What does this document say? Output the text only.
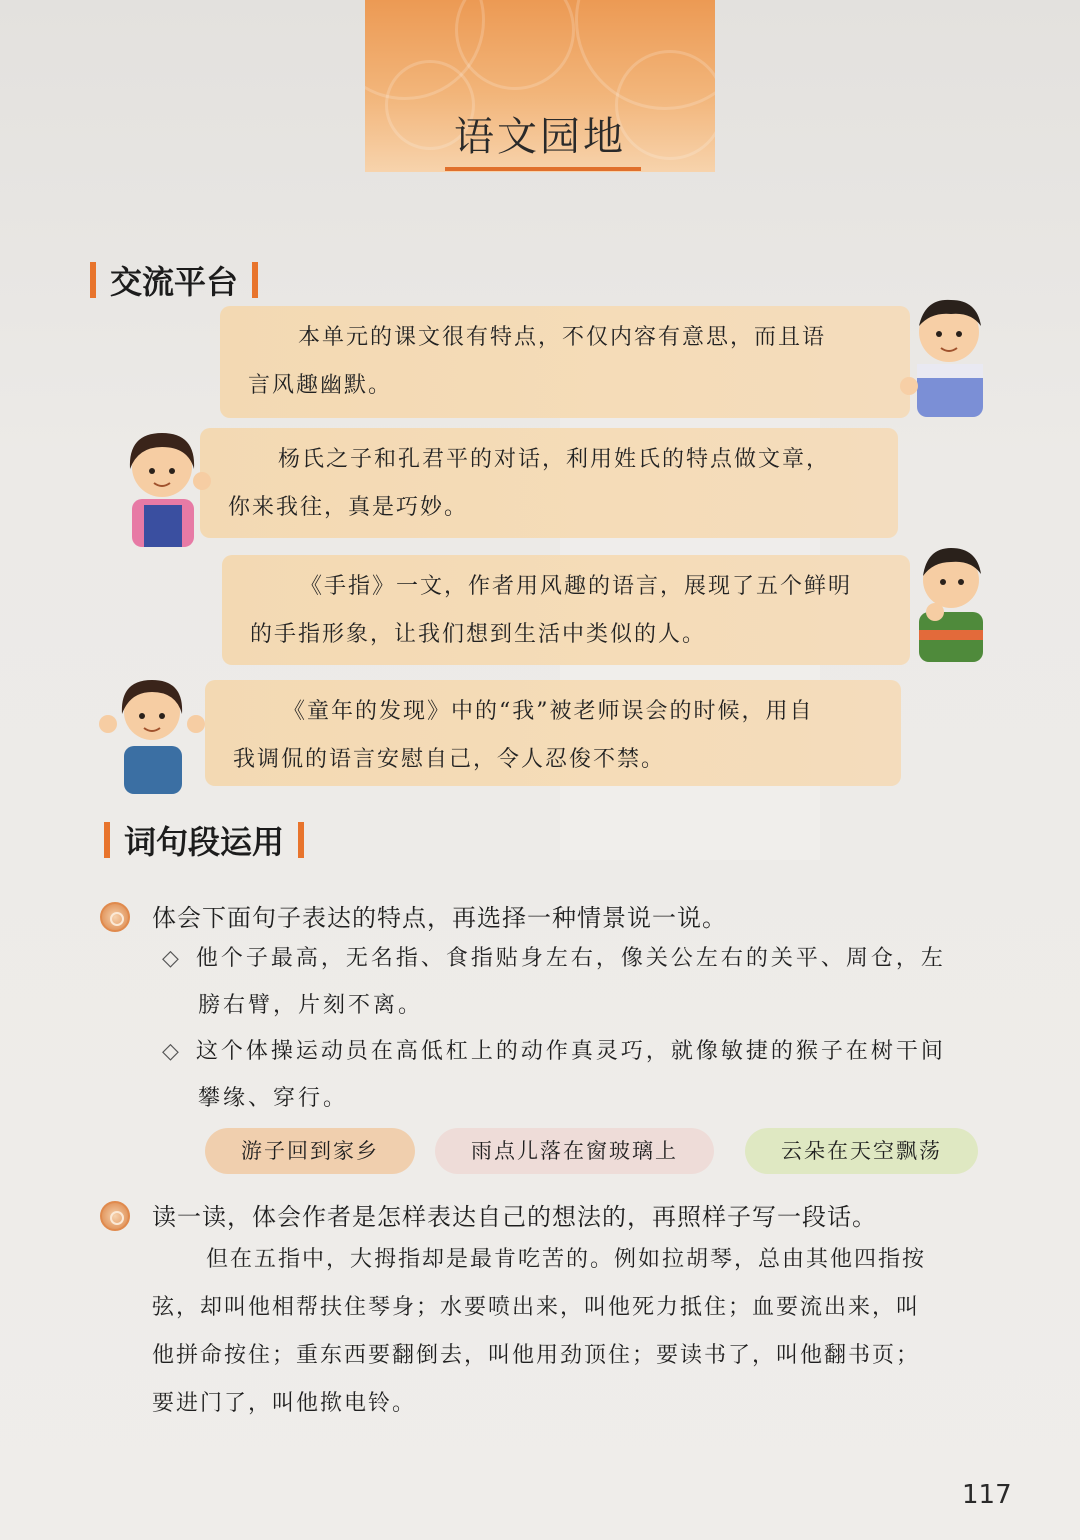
语文园地
交流平台
本单元的课文很有特点，不仅内容有意思，而且语
言风趣幽默。
杨氏之子和孔君平的对话，利用姓氏的特点做文章，
你来我往，真是巧妙。
《手指》一文，作者用风趣的语言，展现了五个鲜明
的手指形象，让我们想到生活中类似的人。
《童年的发现》中的“我”被老师误会的时候，用自
我调侃的语言安慰自己，令人忍俊不禁。
词句段运用
体会下面句子表达的特点，再选择一种情景说一说。
◇ 他个子最高，无名指、食指贴身左右，像关公左右的关平、周仓，左
膀右臂，片刻不离。
◇ 这个体操运动员在高低杠上的动作真灵巧，就像敏捷的猴子在树干间
攀缘、穿行。
游子回到家乡	雨点儿落在窗玻璃上	云朵在天空飘荡
读一读，体会作者是怎样表达自己的想法的，再照样子写一段话。
但在五指中，大拇指却是最肯吃苦的。例如拉胡琴，总由其他四指按
弦，却叫他相帮扶住琴身；水要喷出来，叫他死力抵住；血要流出来，叫
他拼命按住；重东西要翻倒去，叫他用劲顶住；要读书了，叫他翻书页；
要进门了，叫他揿电铃。
117
